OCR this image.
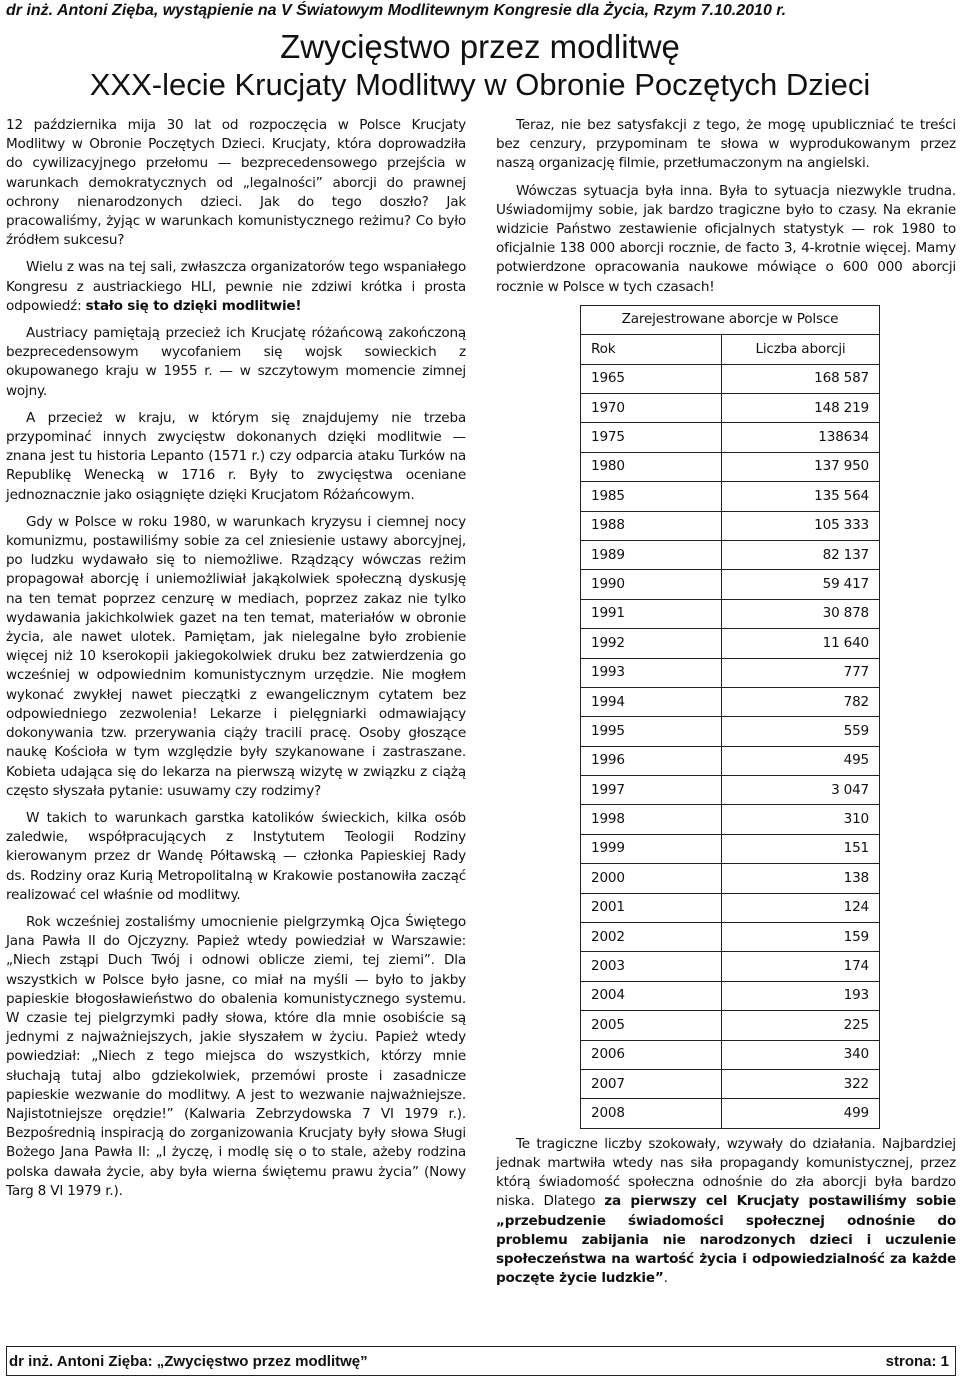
dr inż. Antoni Zięba, wystąpienie na V Światowym Modlitewnym Kongresie dla Życia, Rzym 7.10.2010 r.
Zwycięstwo przez modlitwę
XXX-lecie Krucjaty Modlitwy w Obronie Poczętych Dzieci

12 października mija 30 lat od rozpoczęcia w Polsce Krucjaty Modlitwy w Obronie Poczętych Dzieci. Krucjaty, która doprowadziła do cywilizacyjnego przełomu — bezprecedensowego przejścia w warunkach demokratycznych od „legalności” aborcji do prawnej ochrony nienarodzonych dzieci. Jak do tego doszło? Jak pracowaliśmy, żyjąc w warunkach komunistycznego reżimu? Co było źródłem sukcesu?

Wielu z was na tej sali, zwłaszcza organizatorów tego wspaniałego Kongresu z austriackiego HLI, pewnie nie zdziwi krótka i prosta odpowiedź: stało się to dzięki modlitwie!

Austriacy pamiętają przecież ich Krucjatę różańcową zakończoną bezprecedensowym wycofaniem się wojsk sowieckich z okupowanego kraju w 1955 r. — w szczytowym momencie zimnej wojny.

A przecież w kraju, w którym się znajdujemy nie trzeba przypominać innych zwycięstw dokonanych dzięki modlitwie — znana jest tu historia Lepanto (1571 r.) czy odparcia ataku Turków na Republikę Wenecką w 1716 r. Były to zwycięstwa oceniane jednoznacznie jako osiągnięte dzięki Krucjatom Różańcowym.

Gdy w Polsce w roku 1980, w warunkach kryzysu i ciemnej nocy komunizmu, postawiliśmy sobie za cel zniesienie ustawy aborcyjnej, po ludzku wydawało się to niemożliwe. Rządzący wówczas reżim propagował aborcję i uniemożliwiał jakąkolwiek społeczną dyskusję na ten temat poprzez cenzurę w mediach, poprzez zakaz nie tylko wydawania jakichkolwiek gazet na ten temat, materiałów w obronie życia, ale nawet ulotek. Pamiętam, jak nielegalne było zrobienie więcej niż 10 kserokopii jakiegokolwiek druku bez zatwierdzenia go wcześniej w odpowiednim komunistycznym urzędzie. Nie mogłem wykonać zwykłej nawet pieczątki z ewangelicznym cytatem bez odpowiedniego zezwolenia! Lekarze i pielęgniarki odmawiający dokonywania tzw. przerywania ciąży tracili pracę. Osoby głoszące naukę Kościoła w tym względzie były szykanowane i zastraszane. Kobieta udająca się do lekarza na pierwszą wizytę w związku z ciążą często słyszała pytanie: usuwamy czy rodzimy?

W takich to warunkach garstka katolików świeckich, kilka osób zaledwie, współpracujących z Instytutem Teologii Rodziny kierowanym przez dr Wandę Półtawską — członka Papieskiej Rady ds. Rodziny oraz Kurią Metropolitalną w Krakowie postanowiła zacząć realizować cel właśnie od modlitwy.

Rok wcześniej zostaliśmy umocnienie pielgrzymką Ojca Świętego Jana Pawła II do Ojczyzny. Papież wtedy powiedział w Warszawie: „Niech zstąpi Duch Twój i odnowi oblicze ziemi, tej ziemi”. Dla wszystkich w Polsce było jasne, co miał na myśli — było to jakby papieskie błogosławieństwo do obalenia komunistycznego systemu. W czasie tej pielgrzymki padły słowa, które dla mnie osobiście są jednymi z najważniejszych, jakie słyszałem w życiu. Papież wtedy powiedział: „Niech z tego miejsca do wszystkich, którzy mnie słuchają tutaj albo gdziekolwiek, przemówi proste i zasadnicze papieskie wezwanie do modlitwy. A jest to wezwanie najważniejsze. Najistotniejsze orędzie!” (Kalwaria Zebrzydowska 7 VI 1979 r.). Bezpośrednią inspiracją do zorganizowania Krucjaty były słowa Sługi Bożego Jana Pawła II: „I życzę, i modlę się o to stale, ażeby rodzina polska dawała życie, aby była wierna świętemu prawu życia” (Nowy Targ 8 VI 1979 r.).

Teraz, nie bez satysfakcji z tego, że mogę upubliczniać te treści bez cenzury, przypominam te słowa w wyprodukowanym przez naszą organizację filmie, przetłumaczonym na angielski.

Wówczas sytuacja była inna. Była to sytuacja niezwykle trudna. Uświadomijmy sobie, jak bardzo tragiczne było to czasy. Na ekranie widzicie Państwo zestawienie oficjalnych statystyk — rok 1980 to oficjalnie 138 000 aborcji rocznie, de facto 3, 4-krotnie więcej. Mamy potwierdzone opracowania naukowe mówiące o 600 000 aborcji rocznie w Polsce w tych czasach!

Zarejestrowane aborcje w Polsce	
Rok	Liczba aborcji
1965	168 587
1970	148 219
1975	138634
1980	137 950
1985	135 564
1988	105 333
1989	82 137
1990	59 417
1991	30 878
1992	11 640
1993	777
1994	782
1995	559
1996	495
1997	3 047
1998	310
1999	151
2000	138
2001	124
2002	159
2003	174
2004	193
2005	225
2006	340
2007	322
2008	499

Te tragiczne liczby szokowały, wzywały do działania. Najbardziej jednak martwiła wtedy nas siła propagandy komunistycznej, przez którą świadomość społeczna odnośnie do zła aborcji była bardzo niska. Dlatego za pierwszy cel Krucjaty postawiliśmy sobie „przebudzenie świadomości społecznej odnośnie do problemu zabijania nie narodzonych dzieci i uczulenie społeczeństwa na wartość życia i odpowiedzialność za każde poczęte życie ludzkie”.

dr inż. Antoni Zięba: „Zwycięstwo przez modlitwę”	strona: 1
